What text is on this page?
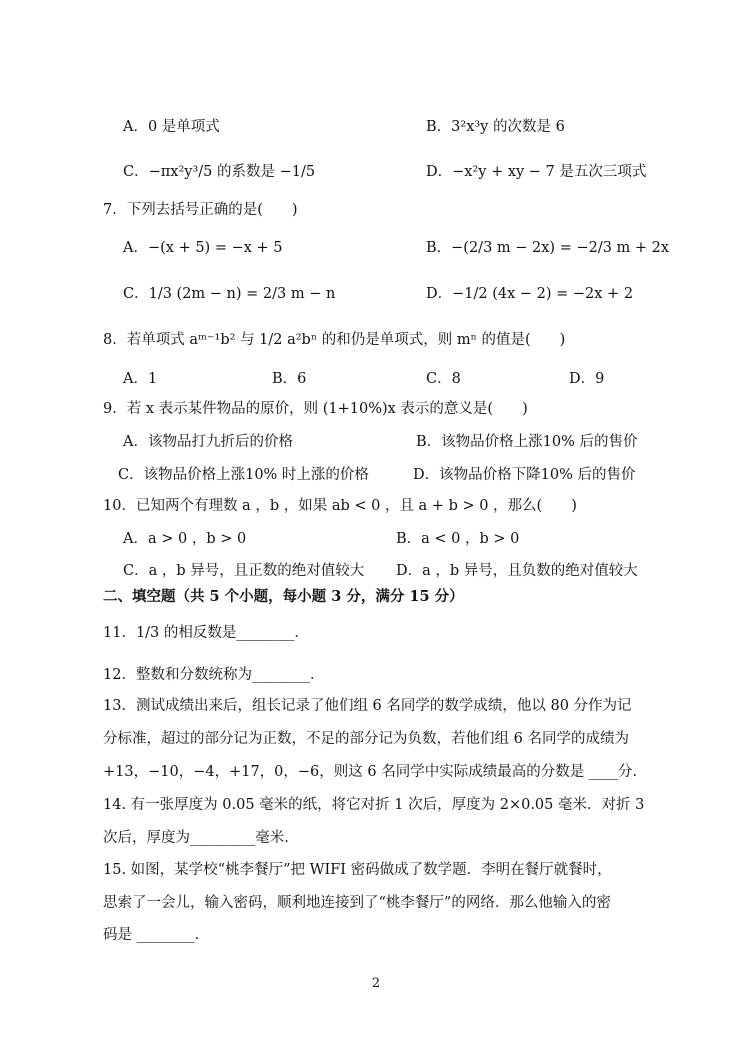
A．0 是单项式	B．3²x³y 的次数是 6
C．−πx²y³/5 的系数是 −1/5	D．−x²y + xy − 7 是五次三项式
7．下列去括号正确的是(　　)
A．−(x + 5) = −x + 5	B．−(2/3 m − 2x) = −2/3 m + 2x
C．1/3 (2m − n) = 2/3 m − n	D．−1/2 (4x − 2) = −2x + 2
8．若单项式 aᵐ⁻¹b² 与 1/2 a²bⁿ 的和仍是单项式，则 mⁿ 的值是(　　)
A．1	B．6	C．8	D．9
9．若 x 表示某件物品的原价，则 (1+10%)x 表示的意义是(　　)
A．该物品打九折后的价格	B．该物品价格上涨10% 后的售价
C．该物品价格上涨10% 时上涨的价格	D．该物品价格下降10% 后的售价
10．已知两个有理数 a ，b ，如果 ab < 0 ，且 a + b > 0 ，那么(　　)
A．a > 0 ，b > 0	B．a < 0 ，b > 0
C．a ，b 异号，且正数的绝对值较大 D．a ，b 异号，且负数的绝对值较大
二、填空题（共 5 个小题，每小题 3 分，满分 15 分）
11．1/3 的相反数是________．
12．整数和分数统称为________．
13．测试成绩出来后，组长记录了他们组 6 名同学的数学成绩，他以 80 分作为记
分标准，超过的部分记为正数，不足的部分记为负数，若他们组 6 名同学的成绩为
+13，−10，−4，+17，0，−6，则这 6 名同学中实际成绩最高的分数是 ____分.
14. 有一张厚度为 0.05 毫米的纸，将它对折 1 次后，厚度为 2×0.05 毫米．对折 3
次后，厚度为_________毫米.
15. 如图，某学校“桃李餐厅”把 WIFI 密码做成了数学题．李明在餐厅就餐时，
思索了一会儿，输入密码，顺利地连接到了“桃李餐厅”的网络．那么他输入的密
码是 ________.
2
